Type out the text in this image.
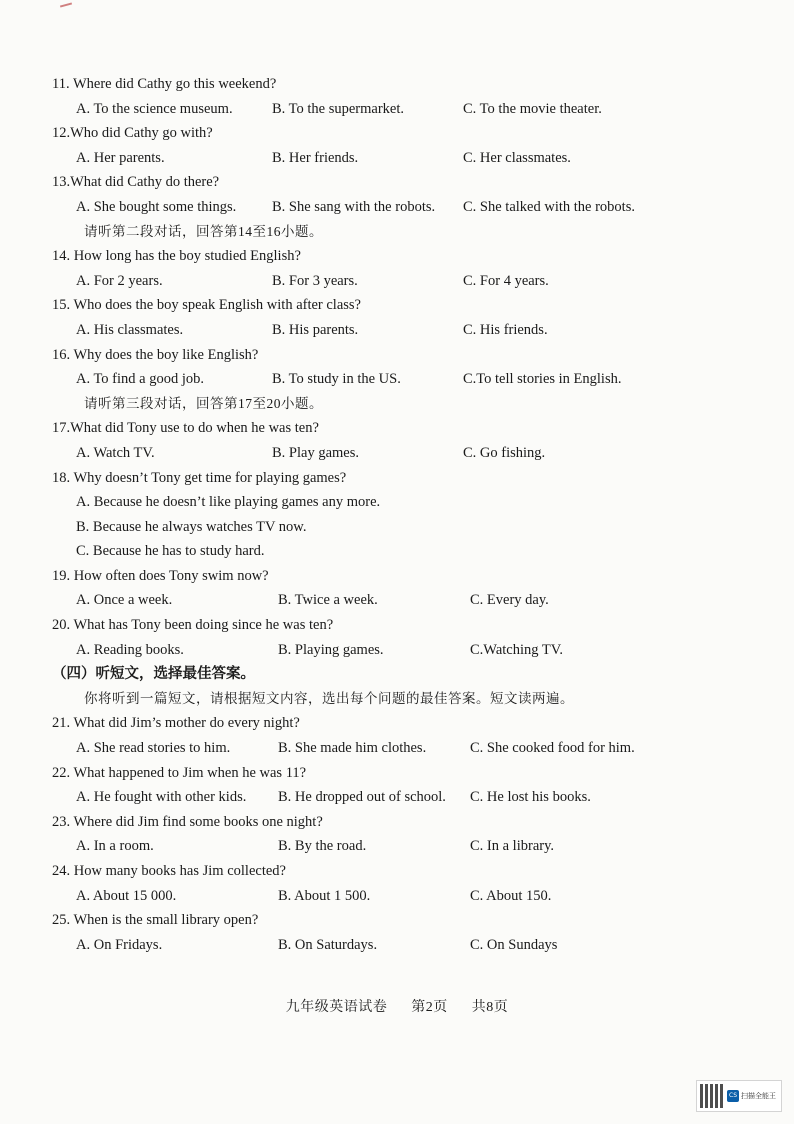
11. Where did Cathy go this weekend?
A. To the science museum.	B. To the supermarket.	C. To the movie theater.
12.Who did Cathy go with?
A. Her parents.	B. Her friends.	C. Her classmates.
13.What did Cathy do there?
A. She bought some things. B. She sang with the robots. C. She talked with the robots.
请听第二段对话，回答第14至16小题。
14. How long has the boy studied English?
A. For 2 years.	B. For 3 years.	C. For 4 years.
15. Who does the boy speak English with after class?
A. His classmates.	B. His parents.	C. His friends.
16. Why does the boy like English?
A. To find a good job.	B. To study in the US.	C.To tell stories in English.
请听第三段对话，回答第17至20小题。
17.What did Tony use to do when he was ten?
A. Watch TV.	B. Play games.	C. Go fishing.
18. Why doesn’t Tony get time for playing games?
A. Because he doesn’t like playing games any more.
B. Because he always watches TV now.
C. Because he has to study hard.
19. How often does Tony swim now?
A. Once a week.	B. Twice a week.	C. Every day.
20. What has Tony been doing since he was ten?
A. Reading books.	B. Playing games.	C.Watching TV.
（四）听短文，选择最佳答案。
你将听到一篇短文，请根据短文内容，选出每个问题的最佳答案。短文读两遍。
21. What did Jim’s mother do every night?
A. She read stories to him.	B. She made him clothes.	C. She cooked food for him.
22. What happened to Jim when he was 11?
A. He fought with other kids. B. He dropped out of school. C. He lost his books.
23. Where did Jim find some books one night?
A. In a room.	B. By the road.	C. In a library.
24. How many books has Jim collected?
A. About 15 000.	B. About 1 500.	C. About 150.
25. When is the small library open?
A. On Fridays.	B. On Saturdays.	C. On Sundays
九年级英语试卷 第2页 共8页
CS 扫描全能王
